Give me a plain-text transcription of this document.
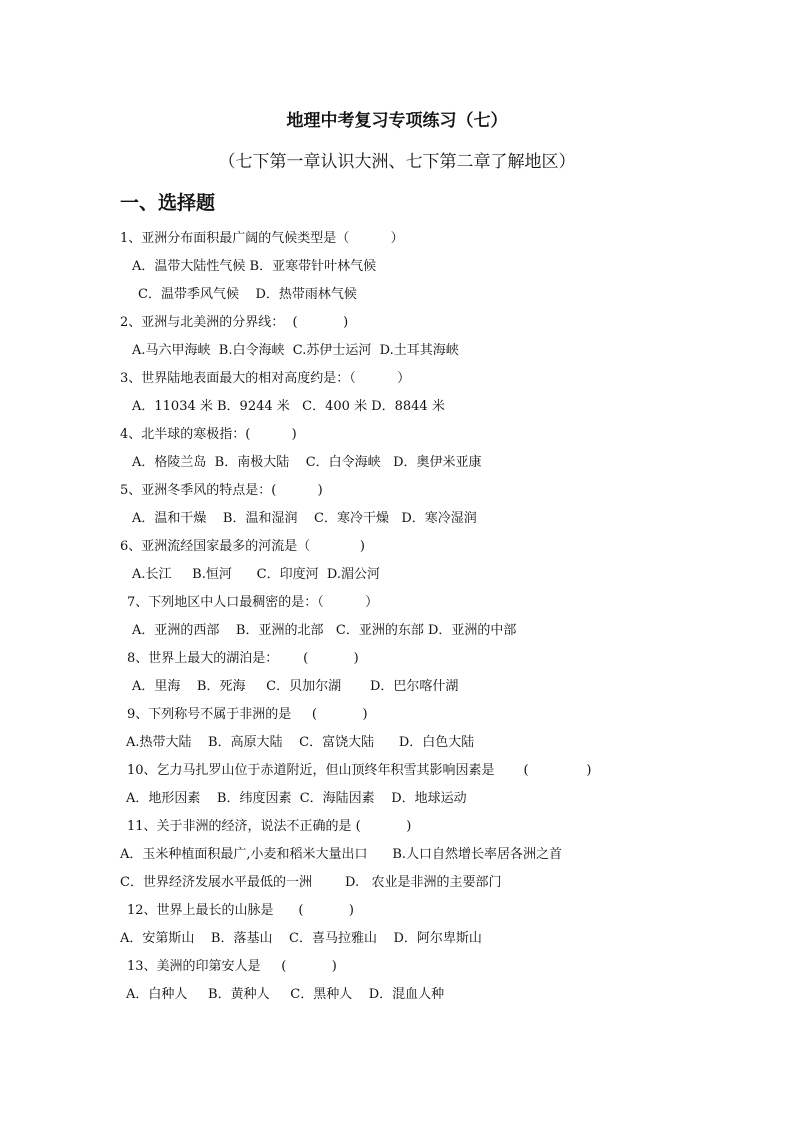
地理中考复习专项练习（七）
（七下第一章认识大洲、七下第二章了解地区）
一、选择题
1、亚洲分布面积最广阔的气候类型是（          ）
A．温带大陆性气候 B．亚寒带针叶林气候
C．温带季风气候    D．热带雨林气候
2、亚洲与北美洲的分界线：  (           )
A.马六甲海峡  B.白令海峡  C.苏伊士运河  D.土耳其海峡
3、世界陆地表面最大的相对高度约是：（          ）
A．11034 米 B．9244 米   C．400 米 D．8844 米
4、北半球的寒极指：(          )
A．格陵兰岛  B．南极大陆    C．白令海峡   D．奥伊米亚康
5、亚洲冬季风的特点是：(          )
A．温和干燥    B．温和湿润    C．寒冷干燥   D．寒冷湿润
6、亚洲流经国家最多的河流是（            )
A.长江     B.恒河      C．印度河  D.湄公河
7、下列地区中人口最稠密的是：（          ）
A．亚洲的西部    B．亚洲的北部   C．亚洲的东部 D．亚洲的中部
8、世界上最大的湖泊是：      (           )
A．里海    B．死海     C．贝加尔湖       D．巴尔喀什湖
9、下列称号不属于非洲的是     (           )
A.热带大陆    B．高原大陆    C．富饶大陆      D．白色大陆
10、乞力马扎罗山位于赤道附近，但山顶终年积雪其影响因素是       (              )
A．地形因素    B．纬度因素  C．海陆因素    D．地球运动
11、关于非洲的经济，说法不正确的是 (           )
A．玉米种植面积最广,小麦和稻米大量出口      B.人口自然增长率居各洲之首
C．世界经济发展水平最低的一洲        D.   农业是非洲的主要部门
12、世界上最长的山脉是      (           )
A．安第斯山    B．落基山    C．喜马拉雅山    D．阿尔卑斯山
13、美洲的印第安人是     (           )
A．白种人     B．黄种人     C．黑种人    D．混血人种
